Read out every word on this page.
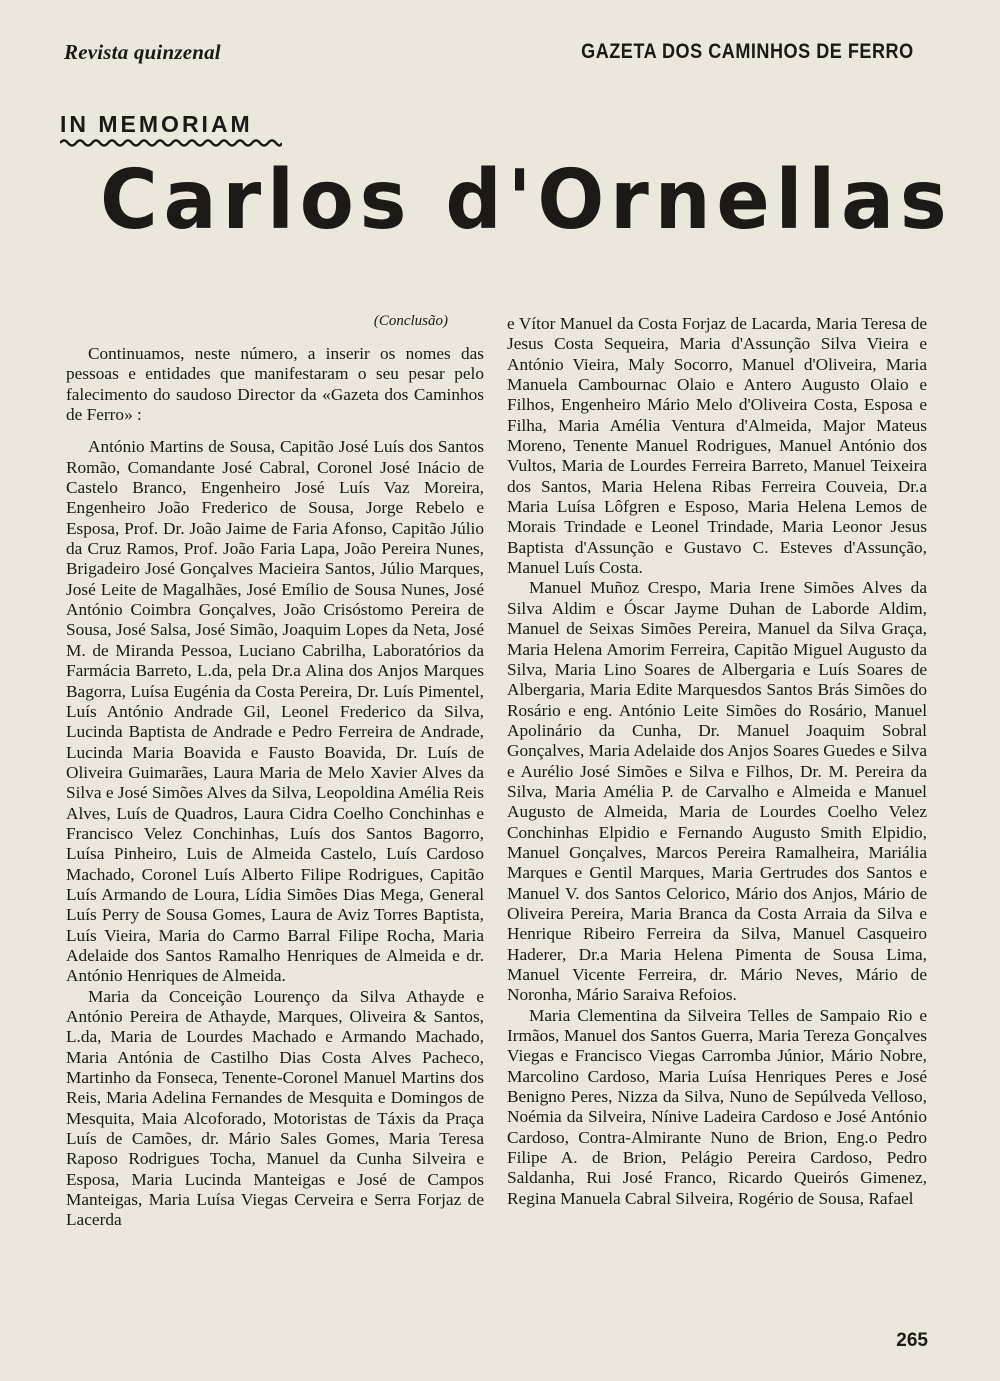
Revista quinzenal	GAZETA DOS CAMINHOS DE FERRO
IN MEMORIAM
Carlos d'Ornellas
(Conclusão)

Continuamos, neste número, a inserir os nomes das pessoas e entidades que manifestaram o seu pesar pelo falecimento do saudoso Director da «Gazeta dos Caminhos de Ferro» :

António Martins de Sousa, Capitão José Luís dos Santos Romão, Comandante José Cabral, Coronel José Inácio de Castelo Branco, Engenheiro José Luís Vaz Moreira, Engenheiro João Frederico de Sousa, Jorge Rebelo e Esposa, Prof. Dr. João Jaime de Faria Afonso, Capitão Júlio da Cruz Ramos, Prof. João Faria Lapa, João Pereira Nunes, Brigadeiro José Gonçalves Macieira Santos, Júlio Marques, José Leite de Magalhães, José Emílio de Sousa Nunes, José António Coimbra Gonçalves, João Crisóstomo Pereira de Sousa, José Salsa, José Simão, Joaquim Lopes da Neta, José M. de Miranda Pessoa, Luciano Cabrilha, Laboratórios da Farmácia Barreto, L.da, pela Dr.a Alina dos Anjos Marques Bagorra, Luísa Eugénia da Costa Pereira, Dr. Luís Pimentel, Luís António Andrade Gil, Leonel Frederico da Silva, Lucinda Baptista de Andrade e Pedro Ferreira de Andrade, Lucinda Maria Boavida e Fausto Boavida, Dr. Luís de Oliveira Guimarães, Laura Maria de Melo Xavier Alves da Silva e José Simões Alves da Silva, Leopoldina Amélia Reis Alves, Luís de Quadros, Laura Cidra Coelho Conchinhas e Francisco Velez Conchinhas, Luís dos Santos Bagorro, Luísa Pinheiro, Luis de Almeida Castelo, Luís Cardoso Machado, Coronel Luís Alberto Filipe Rodrigues, Capitão Luís Armando de Loura, Lídia Simões Dias Mega, General Luís Perry de Sousa Gomes, Laura de Aviz Torres Baptista, Luís Vieira, Maria do Carmo Barral Filipe Rocha, Maria Adelaide dos Santos Ramalho Henriques de Almeida e dr. António Henriques de Almeida.

Maria da Conceição Lourenço da Silva Athayde e António Pereira de Athayde, Marques, Oliveira & Santos, L.da, Maria de Lourdes Machado e Armando Machado, Maria Antónia de Castilho Dias Costa Alves Pacheco, Martinho da Fonseca, Tenente-Coronel Manuel Martins dos Reis, Maria Adelina Fernandes de Mesquita e Domingos de Mesquita, Maia Alcoforado, Motoristas de Táxis da Praça Luís de Camões, dr. Mário Sales Gomes, Maria Teresa Raposo Rodrigues Tocha, Manuel da Cunha Silveira e Esposa, Maria Lucinda Manteigas e José de Campos Manteigas, Maria Luísa Viegas Cerveira e Serra Forjaz de Lacerda

e Vítor Manuel da Costa Forjaz de Lacarda, Maria Teresa de Jesus Costa Sequeira, Maria d'Assunção Silva Vieira e António Vieira, Maly Socorro, Manuel d'Oliveira, Maria Manuela Cambournac Olaio e Antero Augusto Olaio e Filhos, Engenheiro Mário Melo d'Oliveira Costa, Esposa e Filha, Maria Amélia Ventura d'Almeida, Major Mateus Moreno, Tenente Manuel Rodrigues, Manuel António dos Vultos, Maria de Lourdes Ferreira Barreto, Manuel Teixeira dos Santos, Maria Helena Ribas Ferreira Couveia, Dr.a Maria Luísa Lôfgren e Esposo, Maria Helena Lemos de Morais Trindade e Leonel Trindade, Maria Leonor Jesus Baptista d'Assunção e Gustavo C. Esteves d'Assunção, Manuel Luís Costa.

Manuel Muñoz Crespo, Maria Irene Simões Alves da Silva Aldim e Óscar Jayme Duhan de Laborde Aldim, Manuel de Seixas Simões Pereira, Manuel da Silva Graça, Maria Helena Amorim Ferreira, Capitão Miguel Augusto da Silva, Maria Lino Soares de Albergaria e Luís Soares de Albergaria, Maria Edite Marquesdos Santos Brás Simões do Rosário e eng. António Leite Simões do Rosário, Manuel Apolinário da Cunha, Dr. Manuel Joaquim Sobral Gonçalves, Maria Adelaide dos Anjos Soares Guedes e Silva e Aurélio José Simões e Silva e Filhos, Dr. M. Pereira da Silva, Maria Amélia P. de Carvalho e Almeida e Manuel Augusto de Almeida, Maria de Lourdes Coelho Velez Conchinhas Elpidio e Fernando Augusto Smith Elpidio, Manuel Gonçalves, Marcos Pereira Ramalheira, Mariália Marques e Gentil Marques, Maria Gertrudes dos Santos e Manuel V. dos Santos Celorico, Mário dos Anjos, Mário de Oliveira Pereira, Maria Branca da Costa Arraia da Silva e Henrique Ribeiro Ferreira da Silva, Manuel Casqueiro Haderer, Dr.a Maria Helena Pimenta de Sousa Lima, Manuel Vicente Ferreira, dr. Mário Neves, Mário de Noronha, Mário Saraiva Refoios.

Maria Clementina da Silveira Telles de Sampaio Rio e Irmãos, Manuel dos Santos Guerra, Maria Tereza Gonçalves Viegas e Francisco Viegas Carromba Júnior, Mário Nobre, Marcolino Cardoso, Maria Luísa Henriques Peres e José Benigno Peres, Nizza da Silva, Nuno de Sepúlveda Velloso, Noémia da Silveira, Nínive Ladeira Cardoso e José António Cardoso, Contra-Almirante Nuno de Brion, Eng.o Pedro Filipe A. de Brion, Pelágio Pereira Cardoso, Pedro Saldanha, Rui José Franco, Ricardo Queirós Gimenez, Regina Manuela Cabral Silveira, Rogério de Sousa, Rafael

265
